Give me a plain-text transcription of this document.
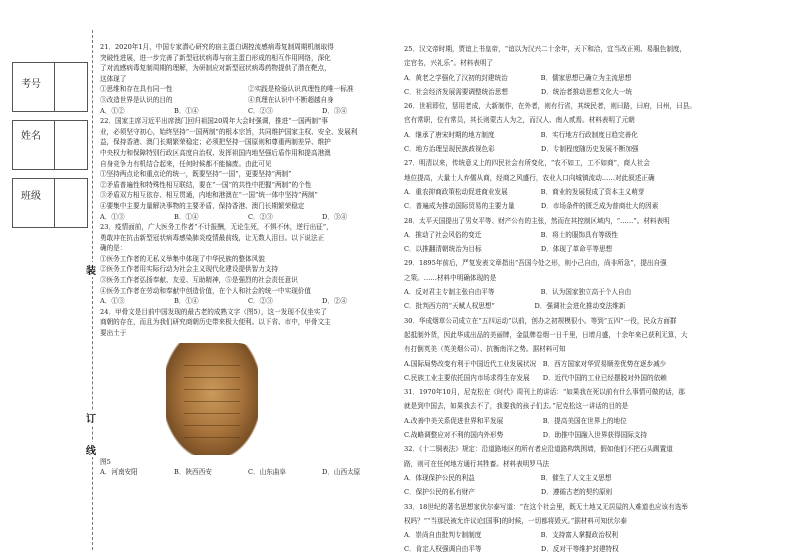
考号
姓名
班级
装
订
线

21．2020年1月，中国专家潜心研究的宿主蛋白调控流感病毒复制周期机制取得

突破性进展，进一步完善了新型冠状病毒与宿主蛋白形成的相互作用网络，深化

了对流感病毒复制周期的理解，为研制应对新型冠状病毒药物提供了潜在靶点，

这体现了

①思维和存在具有同一性	②实践是检验认识真理性的唯一标准
③改造世界是认识的目的	④真理在认识中不断超越自身
A．①②	B．①④	C．②③	D．③④

22．国家主席习近平出席澳门回归祖国20周年大会时强调，推进“一国两制”事

业，必须坚守初心，始终坚持“一国两制”的根本宗旨，共同维护国家主权、安全、发展利

益，保持香港、澳门长期繁荣稳定；必须把坚持一国原则和尊重两制差异、维护

中央权力和保障特别行政区高度自治权、发挥祖国内地坚强后盾作用和提高港澳

自身竞争力有机结合起来，任何时候都不能偏废。由此可见

①坚持两点论和重点论的统一，既要坚持“一国”，更要坚持“两制”

②矛盾普遍性和特殊性相互联结，要在“一国”的共性中把握“两制”的个性

③矛盾双方相互依存、相互贯通，内地和港澳在“一国”统一体中坚持“两制”

④要集中主要力量解决事物的主要矛盾，保持香港、澳门长期繁荣稳定

A．①③	B．①④	C．②③	D．③④

23．疫情面前，广大医务工作者“不计报酬，无论生死，不惧不休，逆行出征”，

勇敢冲在抗击新型冠状病毒感染肺炎疫情最前线，让无数人泪目。以下说法正

确的是：

①医务工作者的无私义举集中体现了中华民族的整体风貌

②医务工作者用实际行动为社会主义现代化建设提供智力支持

③医务工作者弘扬奉献、友爱、互助精神，⑤是强烈的社会责任意识

④医务工作者在劳动和奉献中创造价值，在个人和社会的统一中实现价值

A．①③	B．①④	C．②③	D．②④

24．甲骨文是目前中国发现的最古老的成熟文字（图5），这一发现不仅坐实了

商朝的存在，而且为我们研究商朝历史带来极大便利。以下省、市中，甲骨文主

要出土于

图5

A．河南安阳	B．陕西西安	C．山东曲阜	D．山西太原

25．汉文帝时期，贾谊上书皇帝，“谊以为汉兴二十余年，天下和洽，宜当改正朔、易服色制度，

定官名，兴礼乐”。材料表明了

A．黄老之学强化了汉初的封建统治　　　　　B．儒家思想已确立为主流思想

C．社会经济发展需要调整统治思想　　　　　D．统治者推动思想文化大一统

26．世祖即位，惩用老成，大新制作，在外者，则有行省，其统民者，则曰路，曰府，曰州，曰县。

官有常职，位有常员，其长则蒙古人为之，而汉人、南人贰焉。材料表明了元朝

A．继承了唐宋时期的地方制度　　　　　　　B．实行地方行政制度日趋完善化

C．地方治理呈现民族歧视色彩　　　　　　　D．专制程度随历史发展不断加强

27．明清以来，传统意义上的四民社会有所变化，“农不如工，工不如商”，商人社会

地位提高，大量士人弃儒从商，经商之风盛行，农业人口向城镇流动……对此叙述正确

A．重农抑商政策松动促进商业发展　　　　　B．商业的发展促成了资本主义萌芽

C．普遍成为推动国际贸易的主要力量　　　　D．市场条件的匮乏成为普商壮大的因素

28．太平天国提出了男女平等、财产公有的主张，然而在其控制区域内，“……”。材料表明

A．推动了社会风俗的变迁　　　　　　　　　B．将士的服饰具有等级性

C．以推翻清朝统治为目标　　　　　　　　　D．体现了革命平等思想

29．1895年前后，严复发表文章指出“吾国今处之形，则小己自由，尚非所急”，提出自强

之策。……材料中明确体现的是

A．反对君主专制主张自由平等　　　　　　　B．认为国家独立高于个人自由

C．批判西方的“天赋人权思想”　　　　　　D．强调社会进化推动变法维新

30．华成烟草公司成立在“五四运动”以前，创办之初规模很小。等到“五四”一役，民众方面群

起抵制外货，因此华成出品的美丽牌，金鼠牌卷烟一日千里，日增月盛，十余年来已获利无算，大

有打倒英美（英美烟公司）、抗衡南洋之势。据材料可知

A.国际局势改变有利于中国近代工业发展状况　B．西方国家对华贸易顺差优势在逐步减少

C.民族工业主要依托国内市场求得生存发展　　D．近代中国的工业已经摆脱对外国的依赖

31．1970年10月，尼克松在《时代》周刊上的讲话：“如果我在死以前有什么事情可做的话，那

就是到中国去，如果我去不了，我要我的孩子们去。”尼克松这一讲话的目的是

A.改善中美关系促进世界和平发展　　　　　　B．提高美国在世界上的地位

C.战略调整应对不利的国内外形势　　　　　　D．助推中国融入世界获得国际支持

32．《十二铜表法》规定：沿道路地区的所有者应沿道路构筑围墙，假如他们不把石头踢置道

路，则可在任何地方通行其牲畜。材料表明罗马法

A．体现保护公民的利益　　　　　　　　　　B．催生了人文主义思想

C．保护公民的私有财产　　　　　　　　　　D．遵循古老的契约原则

33．18世纪的著名思想家伏尔泰写道：“在这个社会里，既无土地又无居屋的人难道也应该有选举

权吗？”“当那民被允许议论[国事]的时候，一切都将毁灭。”据材料可知伏尔泰

A．崇尚自由批判专制制度　　　　　　　　　B．支持富人掌握政治权利

C．肯定人权强调自由平等　　　　　　　　　D．反对干等维护封建特权
